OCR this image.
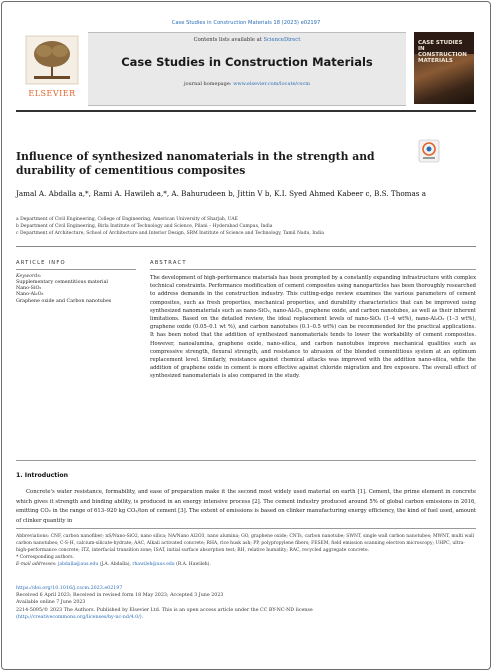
Case Studies in Construction Materials 18 (2023) e02197
ELSEVIER
Contents lists available at ScienceDirect
Case Studies in Construction Materials
journal homepage: www.elsevier.com/locate/cscm
CASE STUDIES IN CONSTRUCTION MATERIALS
Influence of synthesized nanomaterials in the strength and durability of cementitious composites
Jamal A. Abdalla a,*, Rami A. Hawileh a,*, A. Bahurudeen b, Jittin V b, K.I. Syed Ahmed Kabeer c, B.S. Thomas a
a Department of Civil Engineering, College of Engineering, American University of Sharjah, UAE
b Department of Civil Engineering, Birla Institute of Technology and Science, Pilani – Hyderabad Campus, India
c Department of Architecture, School of Architecture and Interior Design, SRM Institute of Science and Technology, Tamil Nadu, India
ARTICLE INFO
Keywords:
Supplementary cementitious material
Nano-SiO₂
Nano-Al₂O₃
Graphene oxide and Carbon nanotubes
ABSTRACT

The development of high-performance materials has been prompted by a constantly expanding infrastructure with complex technical constraints. Performance modification of cement composites using nanoparticles has been thoroughly researched to address demands in the construction industry. This cutting-edge review examines the various parameters of cement composites, such as fresh properties, mechanical properties, and durability characteristics that can be improved using synthesized nanomaterials such as nano-SiO₂, nano-Al₂O₃, graphene oxide, and carbon nanotubes, as well as their inherent limitations. Based on the detailed review, the ideal replacement levels of nano-SiO₂ (1–4 wt%), nano-Al₂O₃ (1–3 wt%), graphene oxide (0.05–0.1 wt %), and carbon nanotubes (0.1–0.5 wt%) can be recommended for the practical applications. It has been noted that the addition of synthesized nanomaterials tends to lower the workability of cement composites. However, nanoalumina, graphene oxide, nano-silica, and carbon nanotubes improve mechanical qualities such as compressive strength, flexural strength, and resistance to abrasion of the blended cementitious system at an optimum replacement level. Similarly, resistance against chemical attacks was improved with the addition nano-silica, while the addition of graphene oxide in cement is more effective against chloride migration and fire exposure. The overall effect of synthesized nanomaterials is also compared in the study.

1. Introduction

Concrete's water resistance, formability, and ease of preparation make it the second most widely used material on earth [1]. Cement, the prime element in concrete which gives it strength and binding ability, is produced in an energy intensive process [2]. The cement industry produced around 5% of global carbon emissions in 2016, emitting CO₂ in the range of 613–920 kg CO₂/ton of cement [3]. The extent of emissions is based on clinker manufacturing energy efficiency, the kind of fuel used, amount of clinker quantity in

Abbreviations: CNF, carbon nanofiber; nS/Nano-SiO2, nano silica; NA/Nano Al2O3, nano alumina; GO, graphene oxide; CNTs, carbon nanotube; SWNT, single wall carbon nanotubes; MWNT, multi wall carbon nanotubes; C-S-H, calcium-silicate-hydrate; AAC, Alkali activated concrete; RHA, rice husk ash; PP, polypropylene fibers; FESEM, field emission scanning electron microscopy; UHPC, ultra-high-performance concrete; ITZ, interfacial transition zone; ISAT, initial surface absorption test; RH, relative humidity; RAC, recycled aggregate concrete.

* Corresponding authors.

E-mail addresses: jabdalla@aus.edu (J.A. Abdalla), rhawileh@aus.edu (R.A. Hawileh).

https://doi.org/10.1016/j.cscm.2023.e02197

Received 6 April 2023; Received in revised form 18 May 2023; Accepted 3 June 2023

Available online 7 June 2023

2214-5095/© 2023 The Authors. Published by Elsevier Ltd. This is an open access article under the CC BY-NC-ND license

(http://creativecommons.org/licenses/by-nc-nd/4.0/).
